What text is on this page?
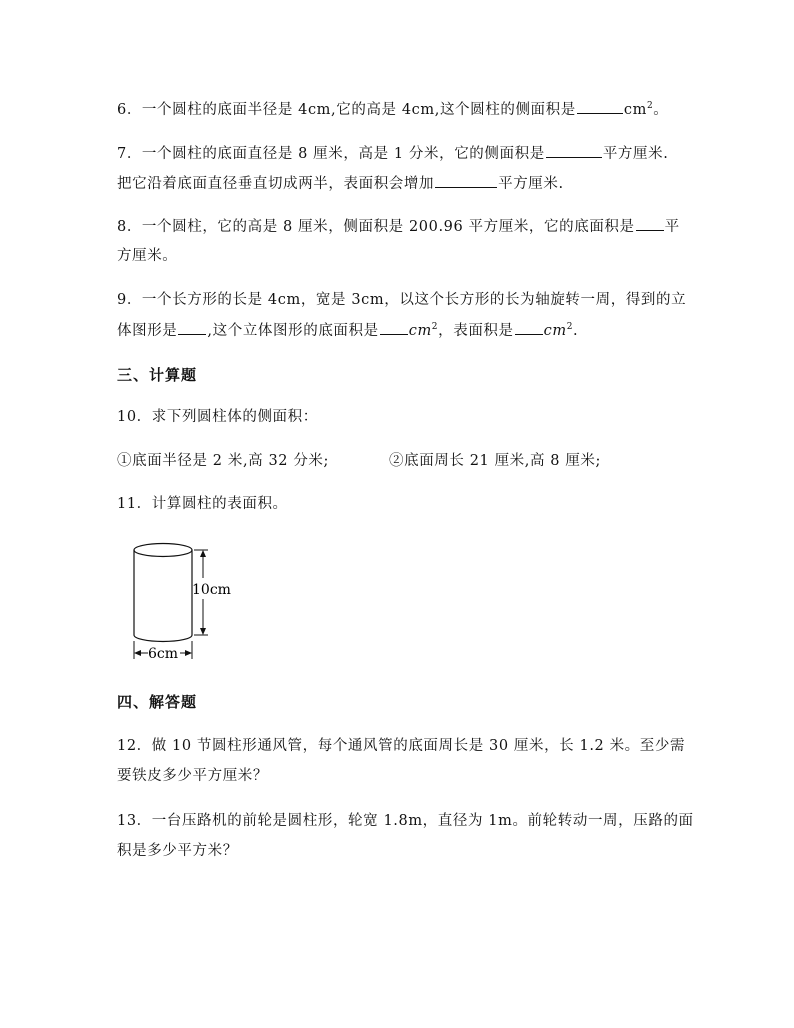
6．一个圆柱的底面半径是 4cm,它的高是 4cm,这个圆柱的侧面积是	$cm^2$。
7．一个圆柱的底面直径是 8 厘米，高是 1 分米，它的侧面积是	平方厘米.
把它沿着底面直径垂直切成两半，表面积会增加	平方厘米.
8．一个圆柱，它的高是 8 厘米，侧面积是 200.96 平方厘米，它的底面积是 平
方厘米。
9．一个长方形的长是 4cm，宽是 3cm，以这个长方形的长为轴旋转一周，得到的立
体图形是 ,这个立体图形的底面积是 $cm^2$，表面积是 $cm^2$.
三、计算题
10．求下列圆柱体的侧面积：
①底面半径是 2 米,高 32 分米;	②底面周长 21 厘米,高 8 厘米;
11．计算圆柱的表面积。
10cm
6cm
四、解答题
12．做 10 节圆柱形通风管，每个通风管的底面周长是 30 厘米，长 1.2 米。至少需
要铁皮多少平方厘米？
13．一台压路机的前轮是圆柱形，轮宽 1.8m，直径为 1m。前轮转动一周，压路的面
积是多少平方米？
